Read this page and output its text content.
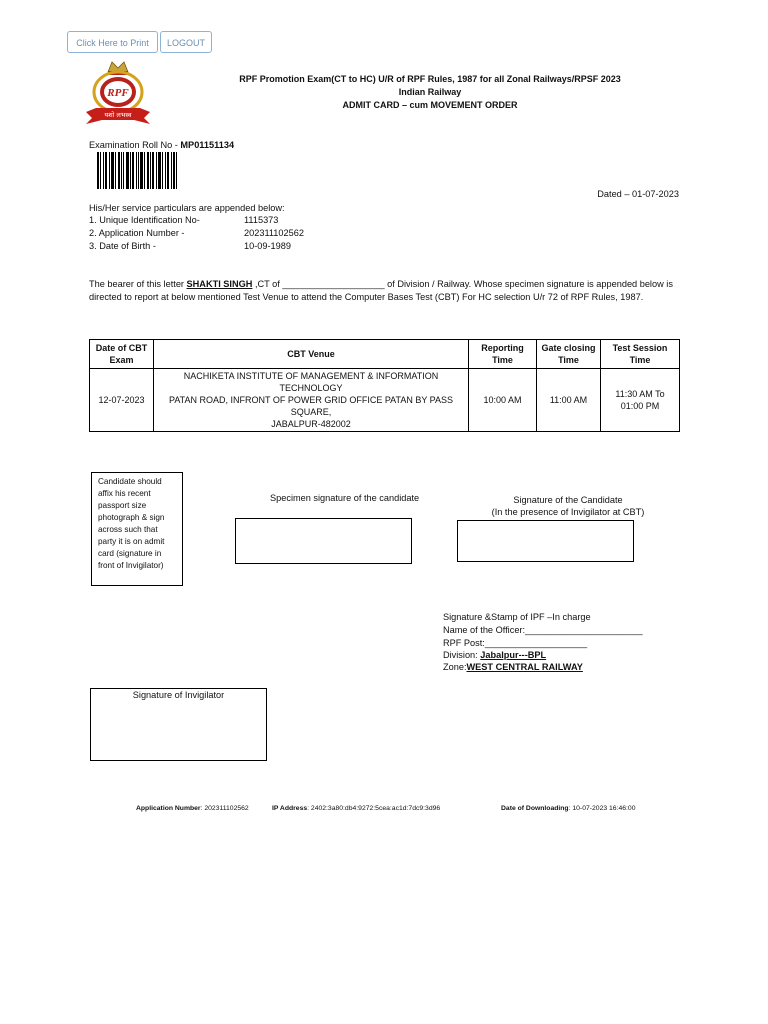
Click Here to Print	LOGOUT
RPF
यशो लभस्व
RPF Promotion Exam(CT to HC) U/R of RPF Rules, 1987 for all Zonal Railways/RPSF 2023
Indian Railway
ADMIT CARD – cum MOVEMENT ORDER
Examination Roll No - MP01151134
Dated – 01-07-2023
His/Her service particulars are appended below:
1. Unique Identification No-	1115373
2. Application Number -	202311102562
3. Date of Birth -	10-09-1989
The bearer of this letter SHAKTI SINGH ,CT of ____________________ of Division / Railway. Whose specimen signature is appended below is
directed to report at below mentioned Test Venue to attend the Computer Bases Test (CBT) For HC selection U/r 72 of RPF Rules, 1987.
Date of CBT Exam	CBT Venue	Reporting Time	Gate closing Time	Test Session Time
12-07-2023	NACHIKETA INSTITUTE OF MANAGEMENT & INFORMATION TECHNOLOGY
PATAN ROAD, INFRONT OF POWER GRID OFFICE PATAN BY PASS SQUARE,
JABALPUR-482002	10:00 AM	11:00 AM	11:30 AM To 01:00 PM
Candidate should affix his recent passport size photograph & sign across such that party it is on admit card (signature in front of Invigilator)
Specimen signature of the candidate	Signature of the Candidate
(In the presence of Invigilator at CBT)
Signature &Stamp of IPF –In charge
Name of the Officer:_______________________
RPF Post:____________________
Division: Jabalpur---BPL
Zone:WEST CENTRAL RAILWAY
Signature of Invigilator
Application Number: 202311102562	IP Address: 2402:3a80:db4:9272:5cea:ac1d:7dc9:3d96	Date of Downloading: 10-07-2023 16:46:00
